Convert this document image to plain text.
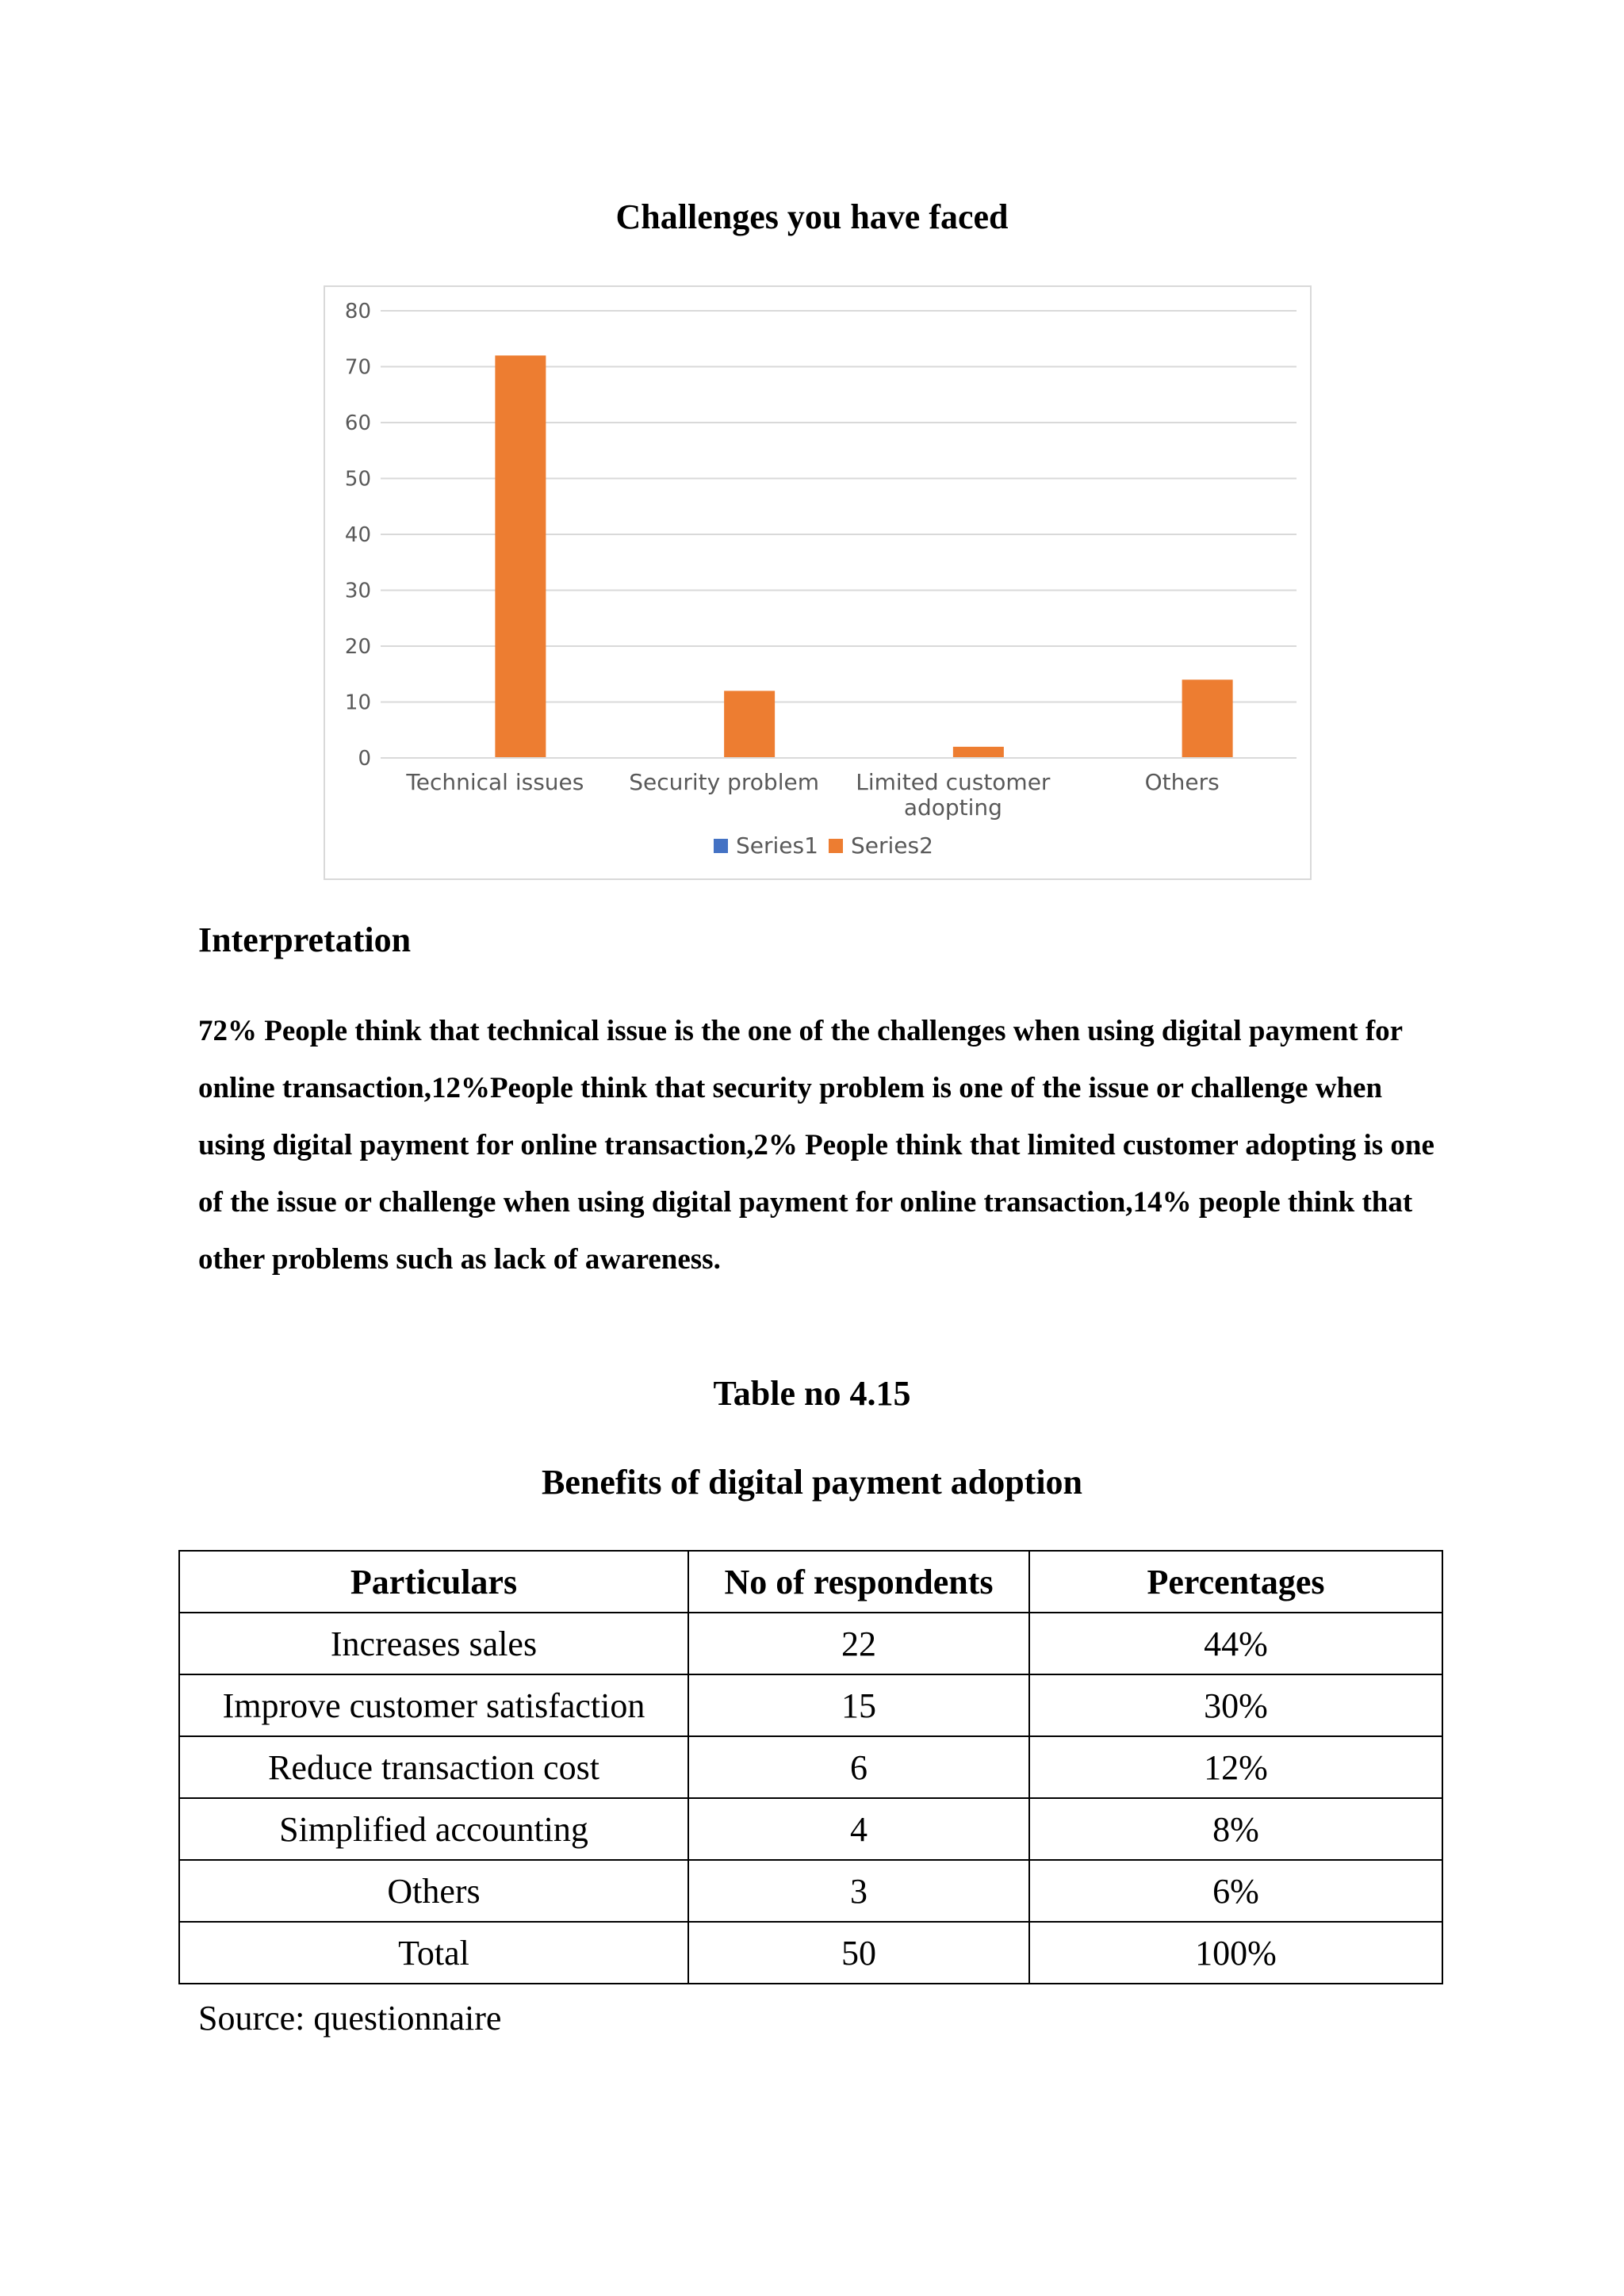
Challenges you have faced
0
10
20
30
40
50
60
70
80
Technical issues Security problem Limited customer adopting
Others
Series1 Series2
Interpretation
72% People think that technical issue is the one of the challenges when using digital payment for online transaction,12%People think that security problem is one of the issue or challenge when using digital payment for online transaction,2% People think that limited customer adopting is one of the issue or challenge when using digital payment for online transaction,14% people think that other problems such as lack of awareness.
Table no 4.15
Benefits of digital payment adoption
Particulars	No of respondents	Percentages
Increases sales	22	44%
Improve customer satisfaction	15	30%
Reduce transaction cost	6	12%
Simplified accounting	4	8%
Others	3	6%
Total	50	100%
Source: questionnaire
